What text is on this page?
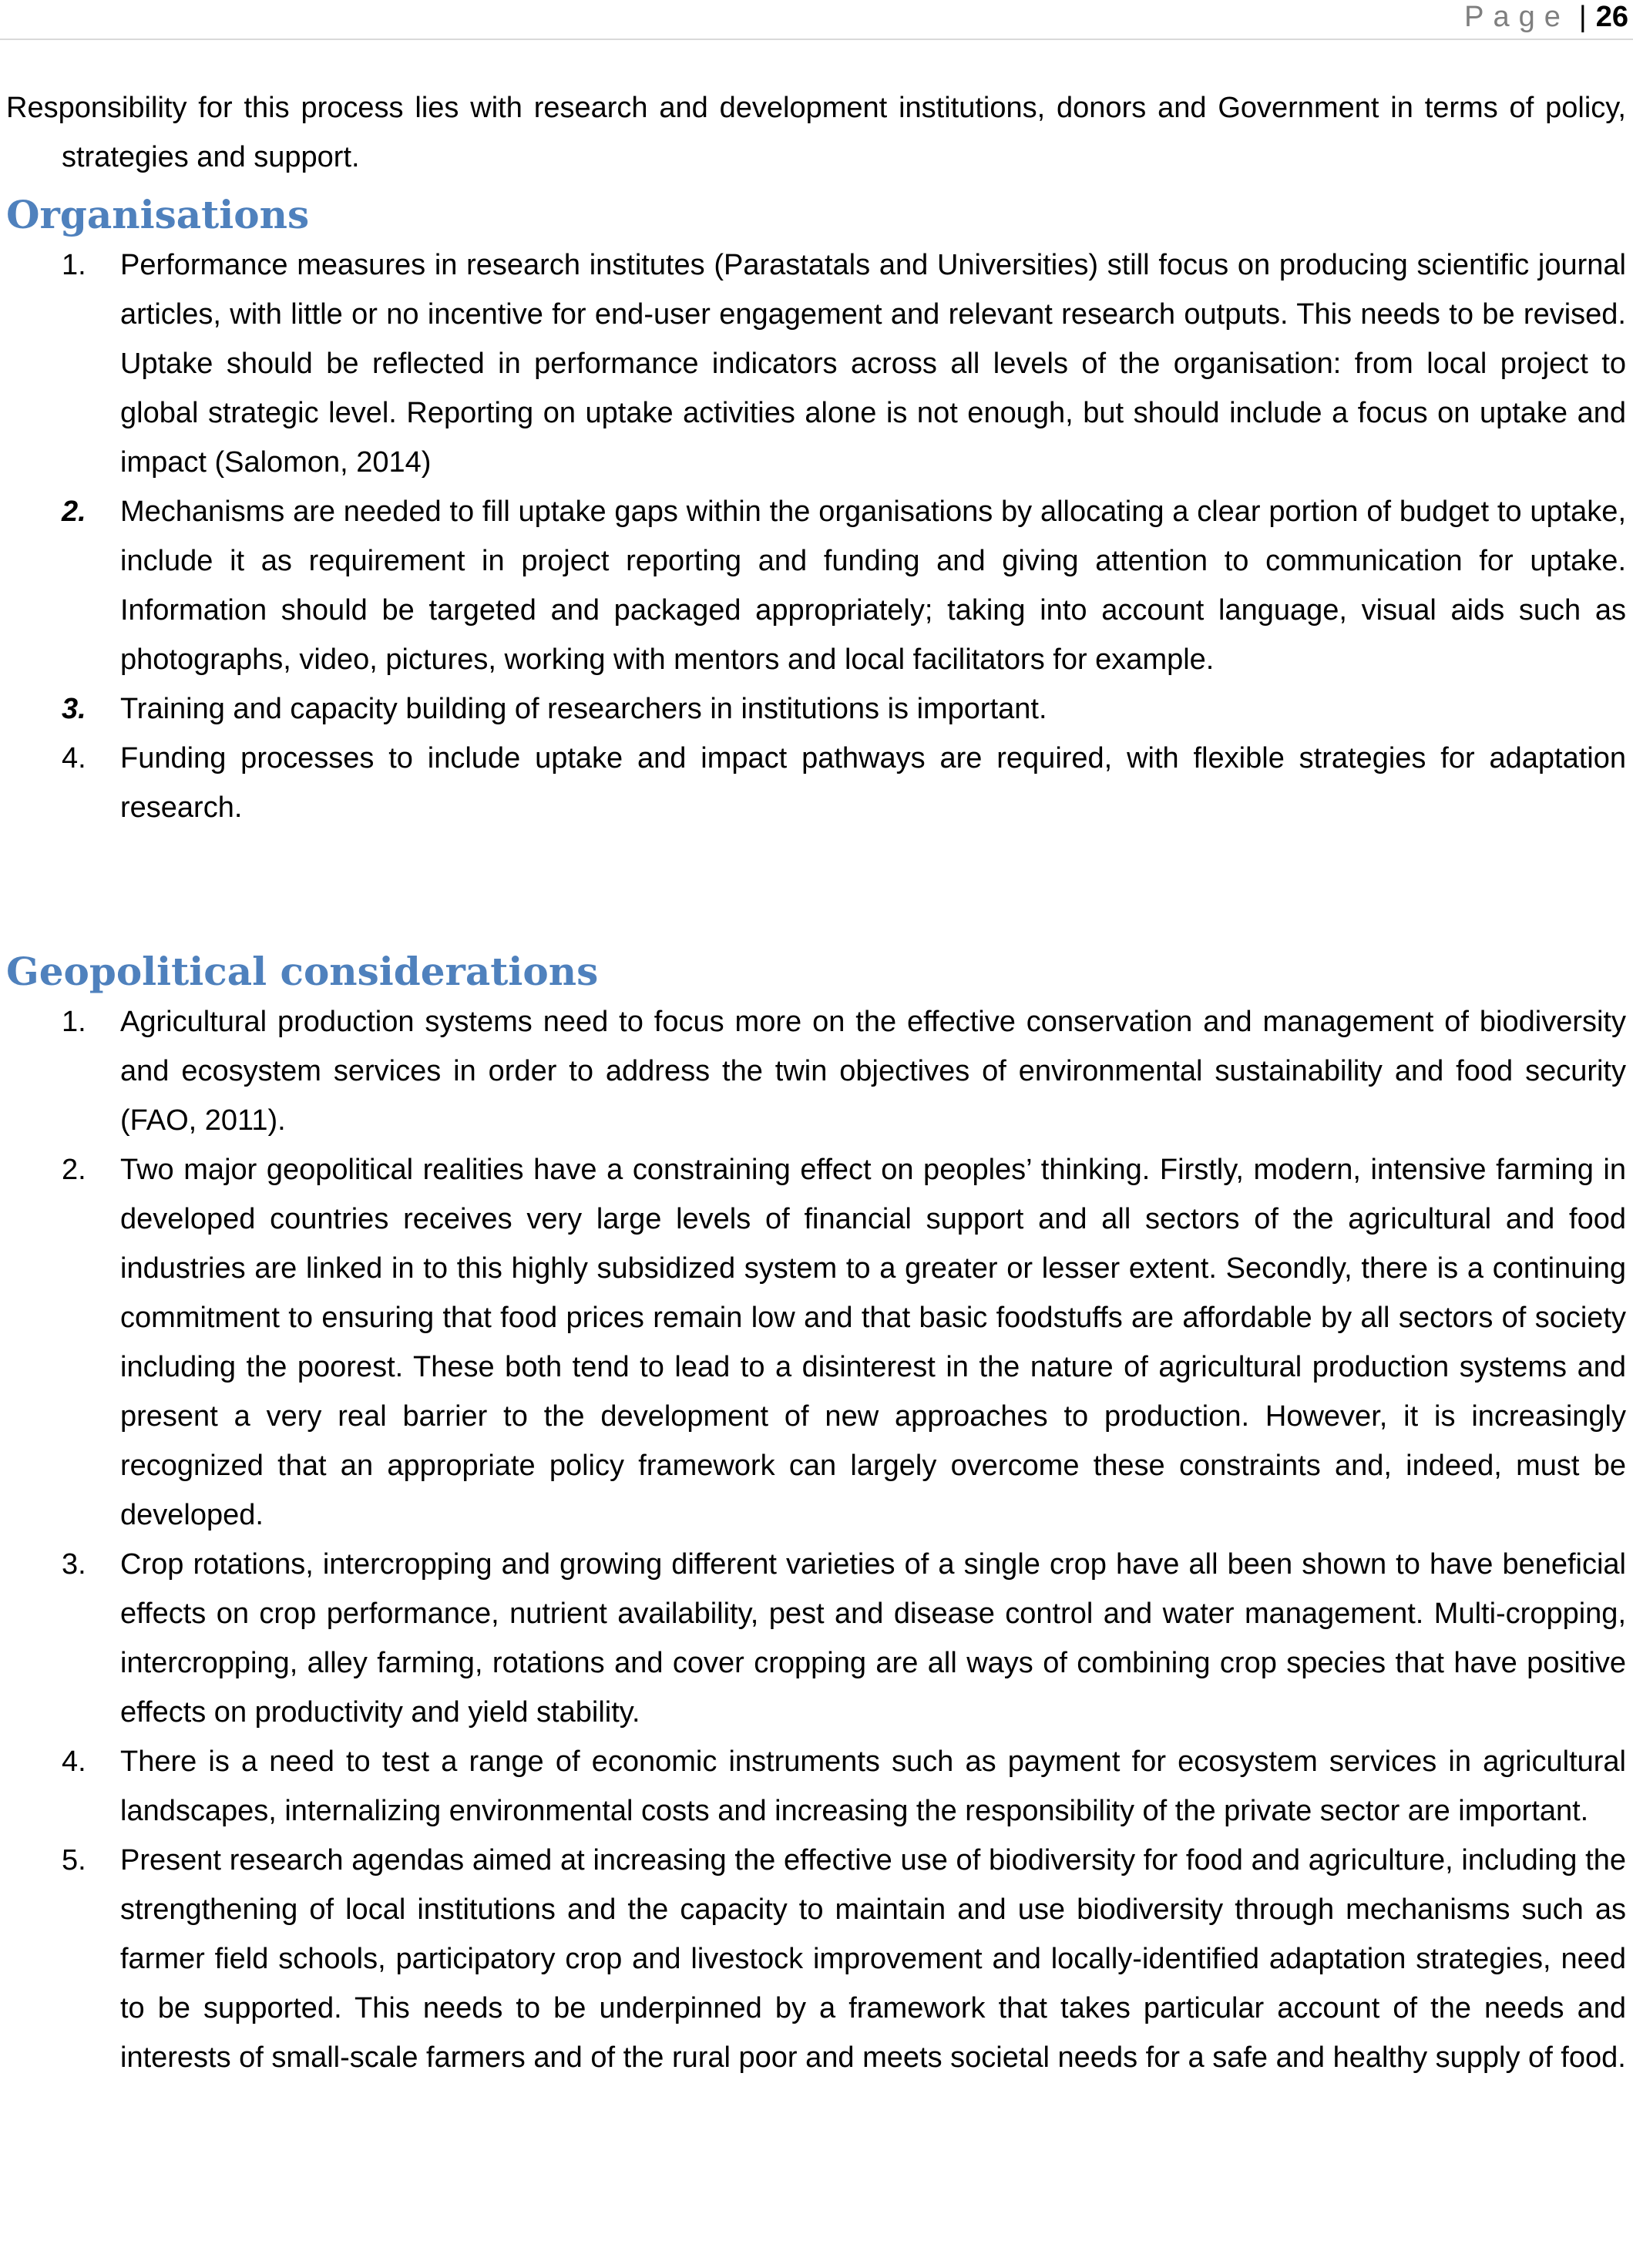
Page | 26

Responsibility for this process lies with research and development institutions, donors and Government in terms of policy, strategies and support.

Organisations
1. Performance measures in research institutes (Parastatals and Universities) still focus on producing scientific journal articles, with little or no incentive for end-user engagement and relevant research outputs. This needs to be revised. Uptake should be reflected in performance indicators across all levels of the organisation: from local project to global strategic level. Reporting on uptake activities alone is not enough, but should include a focus on uptake and impact (Salomon, 2014)
2. Mechanisms are needed to fill uptake gaps within the organisations by allocating a clear portion of budget to uptake, include it as requirement in project reporting and funding and giving attention to communication for uptake. Information should be targeted and packaged appropriately; taking into account language, visual aids such as photographs, video, pictures, working with mentors and local facilitators for example.
3. Training and capacity building of researchers in institutions is important.
4. Funding processes to include uptake and impact pathways are required, with flexible strategies for adaptation research.
Geopolitical considerations
1. Agricultural production systems need to focus more on the effective conservation and management of biodiversity and ecosystem services in order to address the twin objectives of environmental sustainability and food security (FAO, 2011).
2. Two major geopolitical realities have a constraining effect on peoples’ thinking. Firstly, modern, intensive farming in developed countries receives very large levels of financial support and all sectors of the agricultural and food industries are linked in to this highly subsidized system to a greater or lesser extent. Secondly, there is a continuing commitment to ensuring that food prices remain low and that basic foodstuffs are affordable by all sectors of society including the poorest. These both tend to lead to a disinterest in the nature of agricultural production systems and present a very real barrier to the development of new approaches to production. However, it is increasingly recognized that an appropriate policy framework can largely overcome these constraints and, indeed, must be developed.
3. Crop rotations, intercropping and growing different varieties of a single crop have all been shown to have beneficial effects on crop performance, nutrient availability, pest and disease control and water management. Multi-cropping, intercropping, alley farming, rotations and cover cropping are all ways of combining crop species that have positive effects on productivity and yield stability.
4. There is a need to test a range of economic instruments such as payment for ecosystem services in agricultural landscapes, internalizing environmental costs and increasing the responsibility of the private sector are important.
5. Present research agendas aimed at increasing the effective use of biodiversity for food and agriculture, including the strengthening of local institutions and the capacity to maintain and use biodiversity through mechanisms such as farmer field schools, participatory crop and livestock improvement and locally-identified adaptation strategies, need to be supported. This needs to be underpinned by a framework that takes particular account of the needs and interests of small-scale farmers and of the rural poor and meets societal needs for a safe and healthy supply of food.
